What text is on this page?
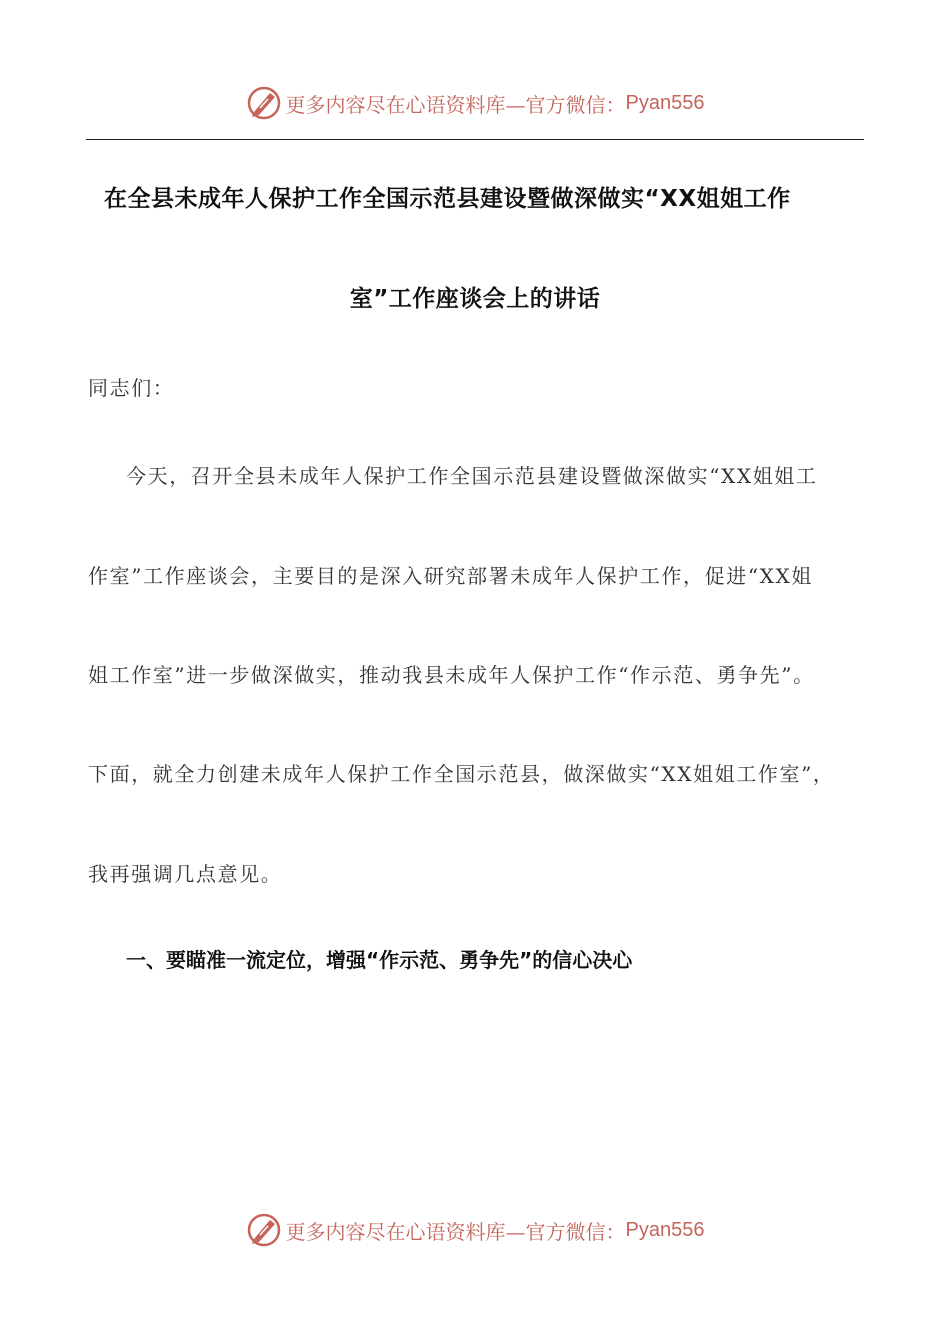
更多内容尽在心语资料库—官方微信： Pyan556
在全县未成年人保护工作全国示范县建设暨做深做实“XX姐姐工作
室”工作座谈会上的讲话
同志们：
今天，召开全县未成年人保护工作全国示范县建设暨做深做实“XX姐姐工
作室”工作座谈会，主要目的是深入研究部署未成年人保护工作，促进“XX姐
姐工作室”进一步做深做实，推动我县未成年人保护工作“作示范、勇争先”。
下面，就全力创建未成年人保护工作全国示范县，做深做实“XX姐姐工作室”，
我再强调几点意见。
一、要瞄准一流定位，增强“作示范、勇争先”的信心决心
更多内容尽在心语资料库—官方微信： Pyan556
